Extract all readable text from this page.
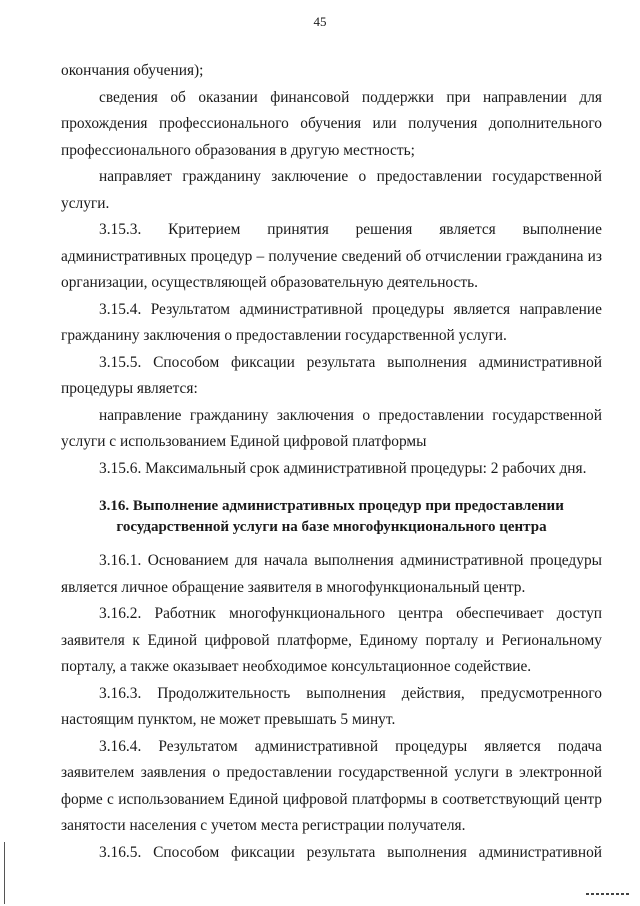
45

окончания обучения);

сведения об оказании финансовой поддержки при направлении для прохождения профессионального обучения или получения дополнительного профессионального образования в другую местность;

направляет гражданину заключение о предоставлении государственной услуги.

3.15.3. Критерием принятия решения является выполнение административных процедур – получение сведений об отчислении гражданина из организации, осуществляющей образовательную деятельность.

3.15.4. Результатом административной процедуры является направление гражданину заключения о предоставлении государственной услуги.

3.15.5. Способом фиксации результата выполнения административной процедуры является:

направление гражданину заключения о предоставлении государственной услуги с использованием Единой цифровой платформы

3.15.6. Максимальный срок административной процедуры: 2 рабочих дня.

3.16. Выполнение административных процедур при предоставлении государственной услуги на базе многофункционального центра

3.16.1. Основанием для начала выполнения административной процедуры является личное обращение заявителя в многофункциональный центр.

3.16.2. Работник многофункционального центра обеспечивает доступ заявителя к Единой цифровой платформе, Единому порталу и Региональному порталу, а также оказывает необходимое консультационное содействие.

3.16.3. Продолжительность выполнения действия, предусмотренного настоящим пунктом, не может превышать 5 минут.

3.16.4. Результатом административной процедуры является подача заявителем заявления о предоставлении государственной услуги в электронной форме с использованием Единой цифровой платформы в соответствующий центр занятости населения с учетом места регистрации получателя.

3.16.5. Способом фиксации результата выполнения административной
